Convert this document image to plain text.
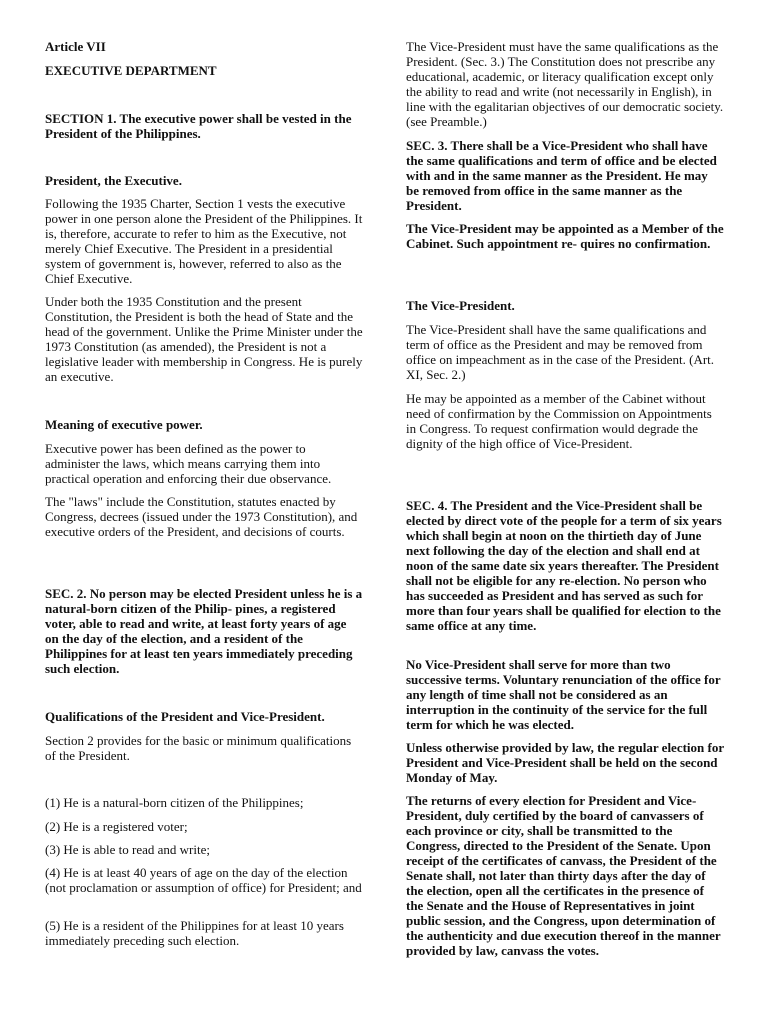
Article VII

EXECUTIVE DEPARTMENT

SECTION 1. The executive power shall be vested in the President of the Philippines.

President, the Executive.

Following the 1935 Charter, Section 1 vests the executive power in one person alone the President of the Philippines. It is, therefore, accurate to refer to him as the Executive, not merely Chief Executive. The President in a presidential system of government is, however, referred to also as the Chief Executive.

Under both the 1935 Constitution and the present Constitution, the President is both the head of State and the head of the government. Unlike the Prime Minister under the 1973 Constitution (as amended), the President is not a legislative leader with membership in Congress. He is purely an executive.

Meaning of executive power.

Executive power has been defined as the power to administer the laws, which means carrying them into practical operation and enforcing their due observance.

The "laws" include the Constitution, statutes enacted by Congress, decrees (issued under the 1973 Constitution), and executive orders of the President, and decisions of courts.

SEC. 2. No person may be elected President unless he is a natural-born citizen of the Philip- pines, a registered voter, able to read and write, at least forty years of age on the day of the election, and a resident of the Philippines for at least ten years immediately preceding such election.

Qualifications of the President and Vice-President.

Section 2 provides for the basic or minimum qualifications of the President.

(1) He is a natural-born citizen of the Philippines;

(2) He is a registered voter;

(3) He is able to read and write;

(4) He is at least 40 years of age on the day of the election (not proclamation or assumption of office) for President; and

(5) He is a resident of the Philippines for at least 10 years immediately preceding such election.

The Vice-President must have the same qualifications as the President. (Sec. 3.) The Constitution does not prescribe any educational, academic, or literacy qualification except only the ability to read and write (not necessarily in English), in line with the egalitarian objectives of our democratic society. (see Preamble.)

SEC. 3. There shall be a Vice-President who shall have the same qualifications and term of office and be elected with and in the same manner as the President. He may be removed from office in the same manner as the President.

The Vice-President may be appointed as a Member of the Cabinet. Such appointment re- quires no confirmation.

The Vice-President.

The Vice-President shall have the same qualifications and term of office as the President and may be removed from office on impeachment as in the case of the President. (Art. XI, Sec. 2.)

He may be appointed as a member of the Cabinet without need of confirmation by the Commission on Appointments in Congress. To request confirmation would degrade the dignity of the high office of Vice-President.

SEC. 4. The President and the Vice-President shall be elected by direct vote of the people for a term of six years which shall begin at noon on the thirtieth day of June next following the day of the election and shall end at noon of the same date six years thereafter. The President shall not be eligible for any re-election. No person who has succeeded as President and has served as such for more than four years shall be qualified for election to the same office at any time.

No Vice-President shall serve for more than two successive terms. Voluntary renunciation of the office for any length of time shall not be considered as an interruption in the continuity of the service for the full term for which he was elected.

Unless otherwise provided by law, the regular election for President and Vice-President shall be held on the second Monday of May.

The returns of every election for President and Vice-President, duly certified by the board of canvassers of each province or city, shall be transmitted to the Congress, directed to the President of the Senate. Upon receipt of the certificates of canvass, the President of the Senate shall, not later than thirty days after the day of the election, open all the certificates in the presence of the Senate and the House of Representatives in joint public session, and the Congress, upon determination of the authenticity and due execution thereof in the manner provided by law, canvass the votes.
